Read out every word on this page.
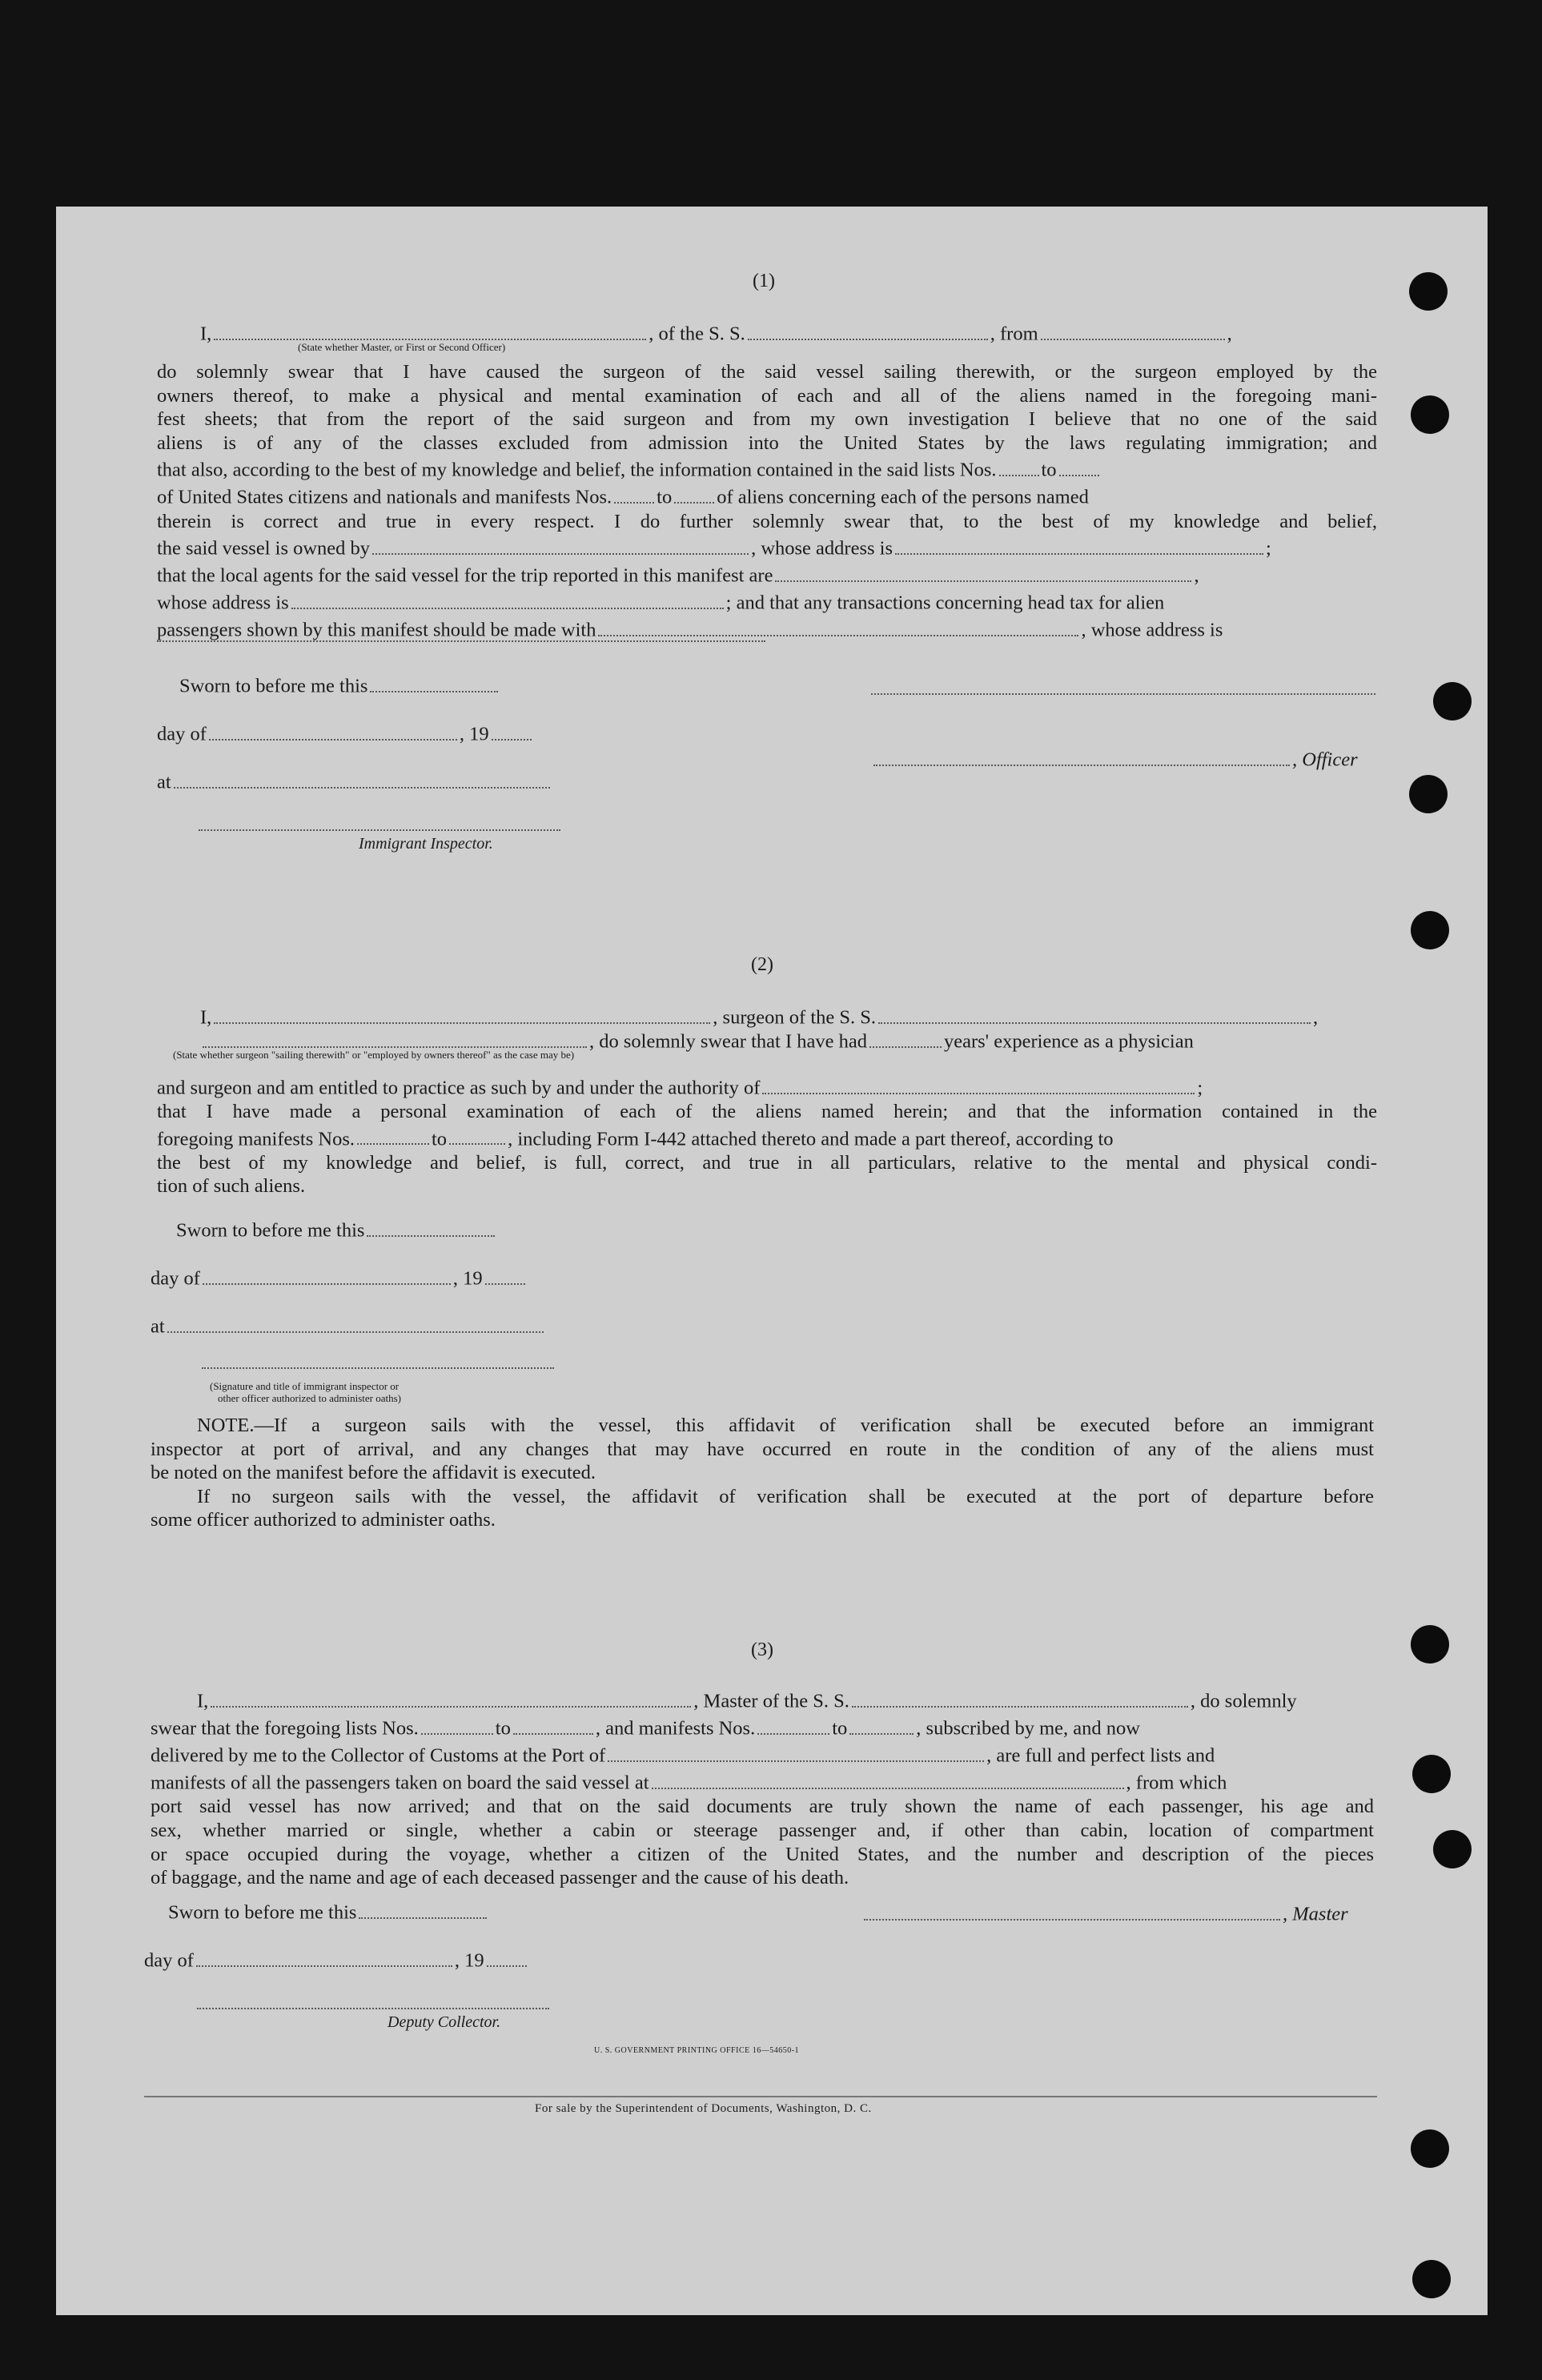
(1)
I,	, of the S. S.	, from	,
(State whether Master, or First or Second Officer)
do solemnly swear that I have caused the surgeon of the said vessel sailing therewith, or the surgeon employed by the
owners thereof, to make a physical and mental examination of each and all of the aliens named in the foregoing mani-
fest sheets; that from the report of the said surgeon and from my own investigation I believe that no one of the said
aliens is of any of the classes excluded from admission into the United States by the laws regulating immigration; and
that also, according to the best of my knowledge and belief, the information contained in the said lists Nos. to
of United States citizens and nationals and manifests Nos. to of aliens concerning each of the persons named
therein is correct and true in every respect. I do further solemnly swear that, to the best of my knowledge and belief,
the said vessel is owned by	, whose address is	;
that the local agents for the said vessel for the trip reported in this manifest are	,
whose address is	; and that any transactions concerning head tax for alien
passengers shown by this manifest should be made with	, whose address is
Sworn to before me this
day of	, 19
at
Immigrant Inspector.
, Officer
(2)
I,	, surgeon of the S. S.	,
, do solemnly swear that I have had	years' experience as a physician
(State whether surgeon "sailing therewith" or "employed by owners thereof" as the case may be)
and surgeon and am entitled to practice as such by and under the authority of	;
that I have made a personal examination of each of the aliens named herein; and that the information contained in the
foregoing manifests Nos.	to	, including Form I-442 attached thereto and made a part thereof, according to
the best of my knowledge and belief, is full, correct, and true in all particulars, relative to the mental and physical condi-
tion of such aliens.
Sworn to before me this
day of	, 19
at
(Signature and title of immigrant inspector or
other officer authorized to administer oaths)
NOTE.—If a surgeon sails with the vessel, this affidavit of verification shall be executed before an immigrant
inspector at port of arrival, and any changes that may have occurred en route in the condition of any of the aliens must
be noted on the manifest before the affidavit is executed.
If no surgeon sails with the vessel, the affidavit of verification shall be executed at the port of departure before
some officer authorized to administer oaths.
(3)
I,	, Master of the S. S.	, do solemnly
swear that the foregoing lists Nos.	to	, and manifests Nos.	to	, subscribed by me, and now
delivered by me to the Collector of Customs at the Port of	, are full and perfect lists and
manifests of all the passengers taken on board the said vessel at	, from which
port said vessel has now arrived; and that on the said documents are truly shown the name of each passenger, his age and
sex, whether married or single, whether a cabin or steerage passenger and, if other than cabin, location of compartment
or space occupied during the voyage, whether a citizen of the United States, and the number and description of the pieces
of baggage, and the name and age of each deceased passenger and the cause of his death.
Sworn to before me this
day of	, 19
Deputy Collector.
, Master
U. S. GOVERNMENT PRINTING OFFICE 16—54650-1
For sale by the Superintendent of Documents, Washington, D. C.
